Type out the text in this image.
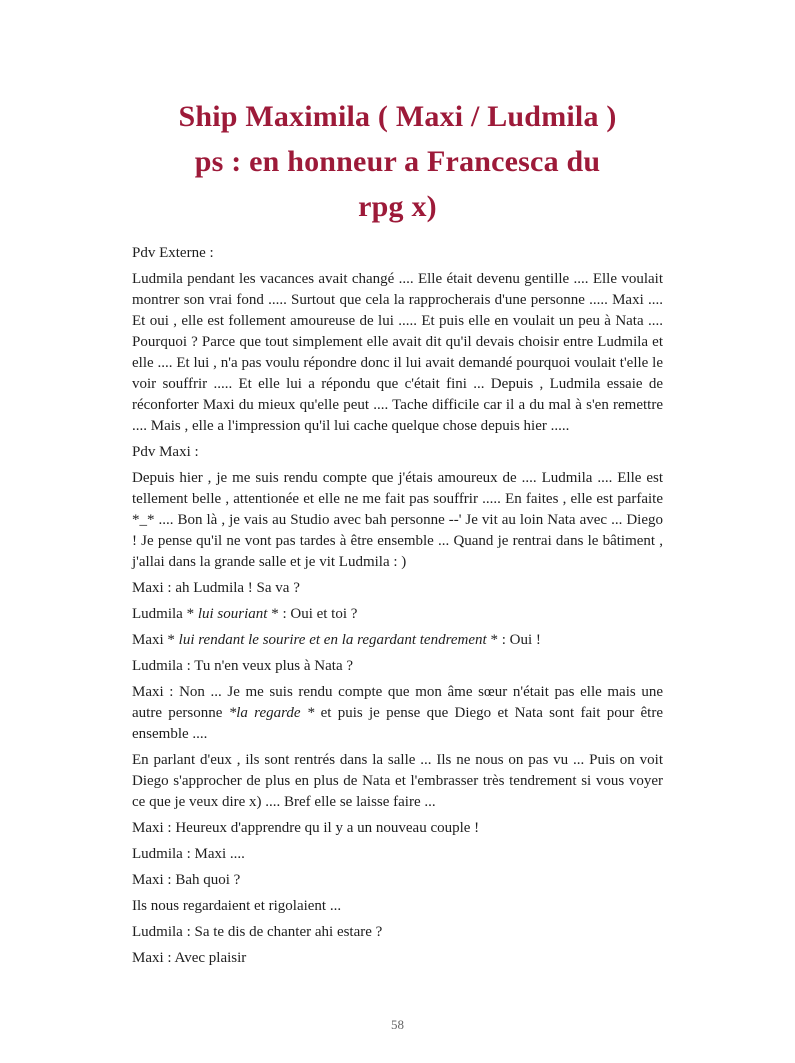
Ship Maximila ( Maxi / Ludmila )
ps : en honneur a Francesca du
rpg x)

Pdv Externe :

Ludmila pendant les vacances avait changé .... Elle était devenu gentille .... Elle voulait montrer son vrai fond ..... Surtout que cela la rapprocherais d'une personne ..... Maxi .... Et oui , elle est follement amoureuse de lui ..... Et puis elle en voulait un peu à Nata .... Pourquoi ? Parce que tout simplement elle avait dit qu'il devais choisir entre Ludmila et elle .... Et lui , n'a pas voulu répondre donc il lui avait demandé pourquoi voulait t'elle le voir souffrir ..... Et elle lui a répondu que c'était fini ... Depuis , Ludmila essaie de réconforter Maxi du mieux qu'elle peut .... Tache difficile car il a du mal à s'en remettre .... Mais , elle a l'impression qu'il lui cache quelque chose depuis hier .....

Pdv Maxi :

Depuis hier , je me suis rendu compte que j'étais amoureux de .... Ludmila .... Elle est tellement belle , attentionée et elle ne me fait pas souffrir ..... En faites , elle est parfaite *_* .... Bon là , je vais au Studio avec bah personne --' Je vit au loin Nata avec ... Diego ! Je pense qu'il ne vont pas tardes à être ensemble ... Quand je rentrai dans le bâtiment , j'allai dans la grande salle et je vit Ludmila : )

Maxi : ah Ludmila ! Sa va ?

Ludmila * lui souriant * : Oui et toi ?

Maxi * lui rendant le sourire et en la regardant tendrement * : Oui !

Ludmila : Tu n'en veux plus à Nata ?

Maxi : Non ... Je me suis rendu compte que mon âme sœur n'était pas elle mais une autre personne *la regarde * et puis je pense que Diego et Nata sont fait pour être ensemble ....

En parlant d'eux , ils sont rentrés dans la salle ... Ils ne nous on pas vu ... Puis on voit Diego s'approcher de plus en plus de Nata et l'embrasser très tendrement si vous voyer ce que je veux dire x) .... Bref elle se laisse faire ...

Maxi : Heureux d'apprendre qu il y a un nouveau couple !

Ludmila : Maxi ....

Maxi : Bah quoi ?

Ils nous regardaient et rigolaient ...

Ludmila : Sa te dis de chanter ahi estare ?

Maxi : Avec plaisir

58
